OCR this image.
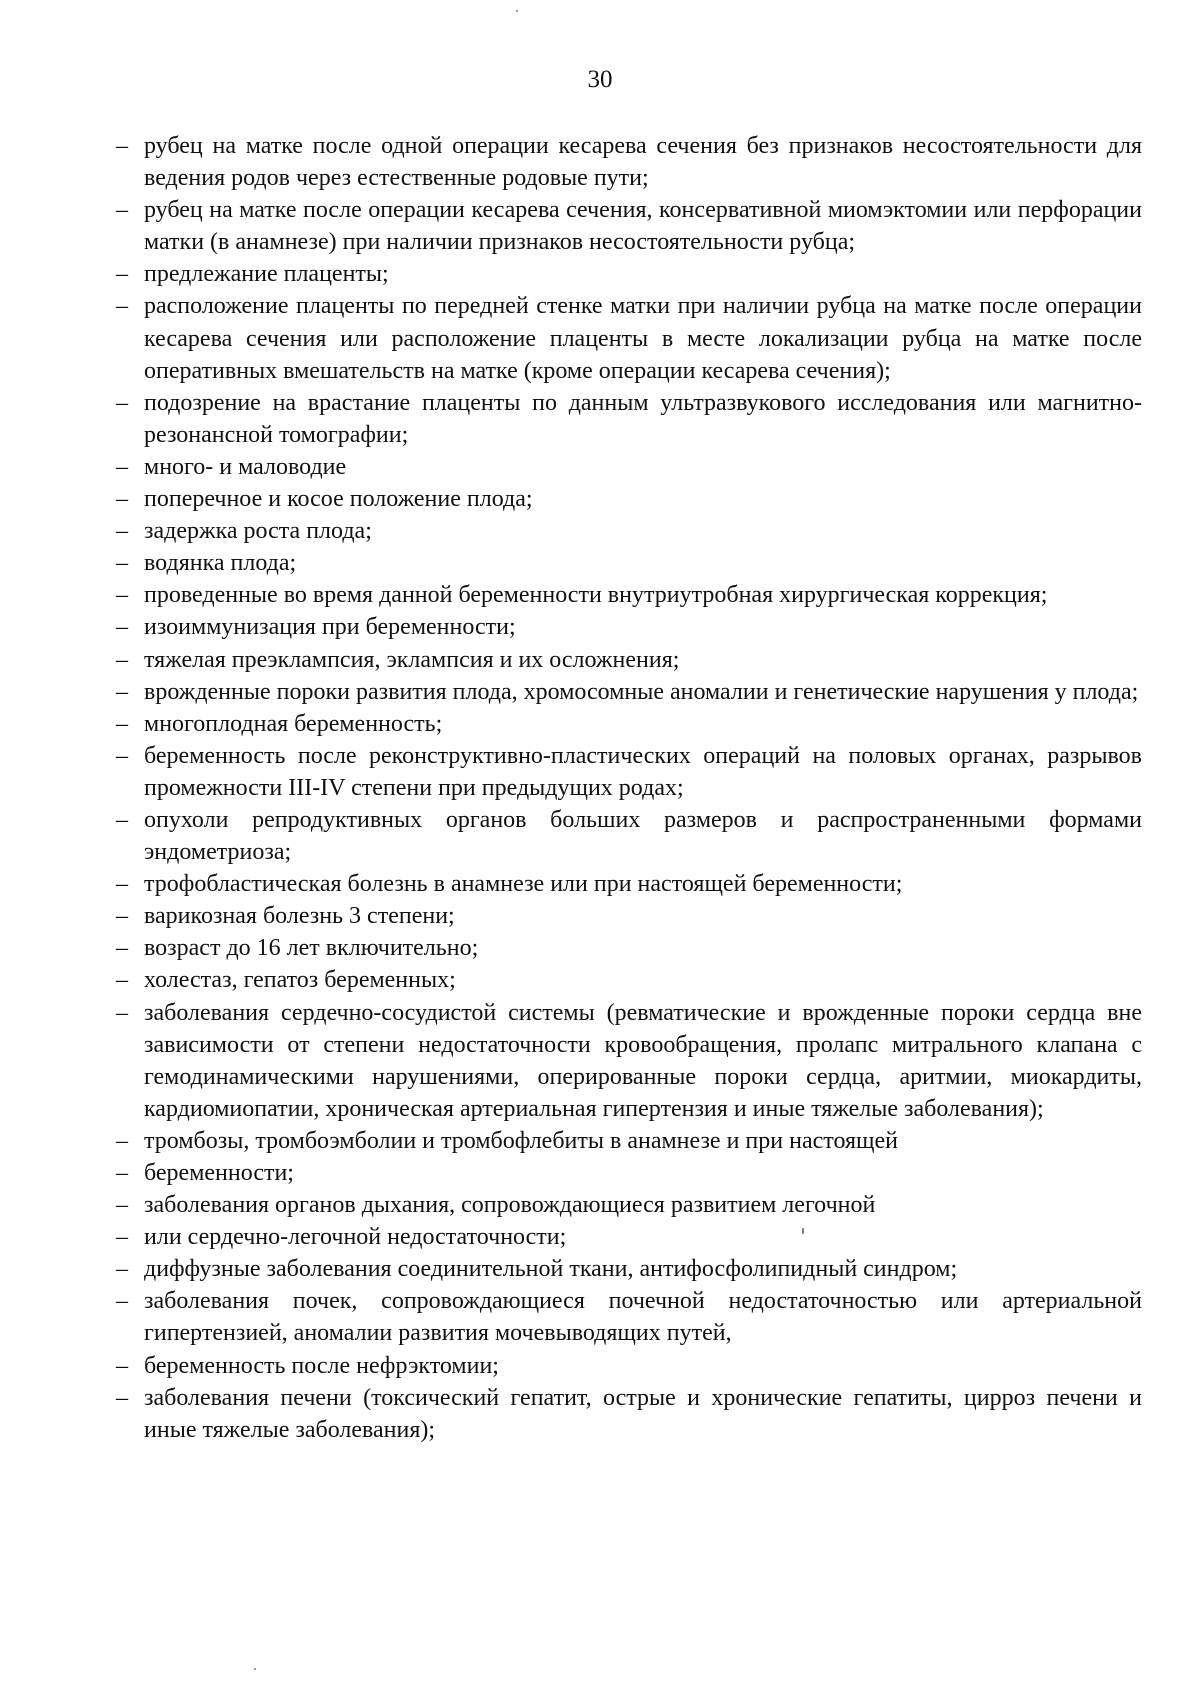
30
– рубец на матке после одной операции кесарева сечения без признаков несостоятельности для ведения родов через естественные родовые пути;
– рубец на матке после операции кесарева сечения, консервативной миомэктомии или перфорации матки (в анамнезе) при наличии признаков несостоятельности рубца;
– предлежание плаценты;
– расположение плаценты по передней стенке матки при наличии рубца на матке после операции кесарева сечения или расположение плаценты в месте локализации рубца на матке после оперативных вмешательств на матке (кроме операции кесарева сечения);
– подозрение на врастание плаценты по данным ультразвукового исследования или магнитно-резонансной томографии;
– много- и маловодие
– поперечное и косое положение плода;
– задержка роста плода;
– водянка плода;
– проведенные во время данной беременности внутриутробная хирургическая коррекция;
– изоиммунизация при беременности;
– тяжелая преэклампсия, эклампсия и их осложнения;
– врожденные пороки развития плода, хромосомные аномалии и генетические нарушения у плода;
– многоплодная беременность;
– беременность после реконструктивно-пластических операций на половых органах, разрывов промежности III-IV степени при предыдущих родах;
– опухоли репродуктивных органов больших размеров и распространенными формами эндометриоза;
– трофобластическая болезнь в анамнезе или при настоящей беременности;
– варикозная болезнь 3 степени;
– возраст до 16 лет включительно;
– холестаз, гепатоз беременных;
– заболевания сердечно-сосудистой системы (ревматические и врожденные пороки сердца вне зависимости от степени недостаточности кровообращения, пролапс митрального клапана с гемодинамическими нарушениями, оперированные пороки сердца, аритмии, миокардиты, кардиомиопатии, хроническая артериальная гипертензия и иные тяжелые заболевания);
– тромбозы, тромбоэмболии и тромбофлебиты в анамнезе и при настоящей
– беременности;
– заболевания органов дыхания, сопровождающиеся развитием легочной
– или сердечно-легочной недостаточности;
– диффузные заболевания соединительной ткани, антифосфолипидный синдром;
– заболевания почек, сопровождающиеся почечной недостаточностью или артериальной гипертензией, аномалии развития мочевыводящих путей,
– беременность после нефрэктомии;
– заболевания печени (токсический гепатит, острые и хронические гепатиты, цирроз печени и иные тяжелые заболевания);
